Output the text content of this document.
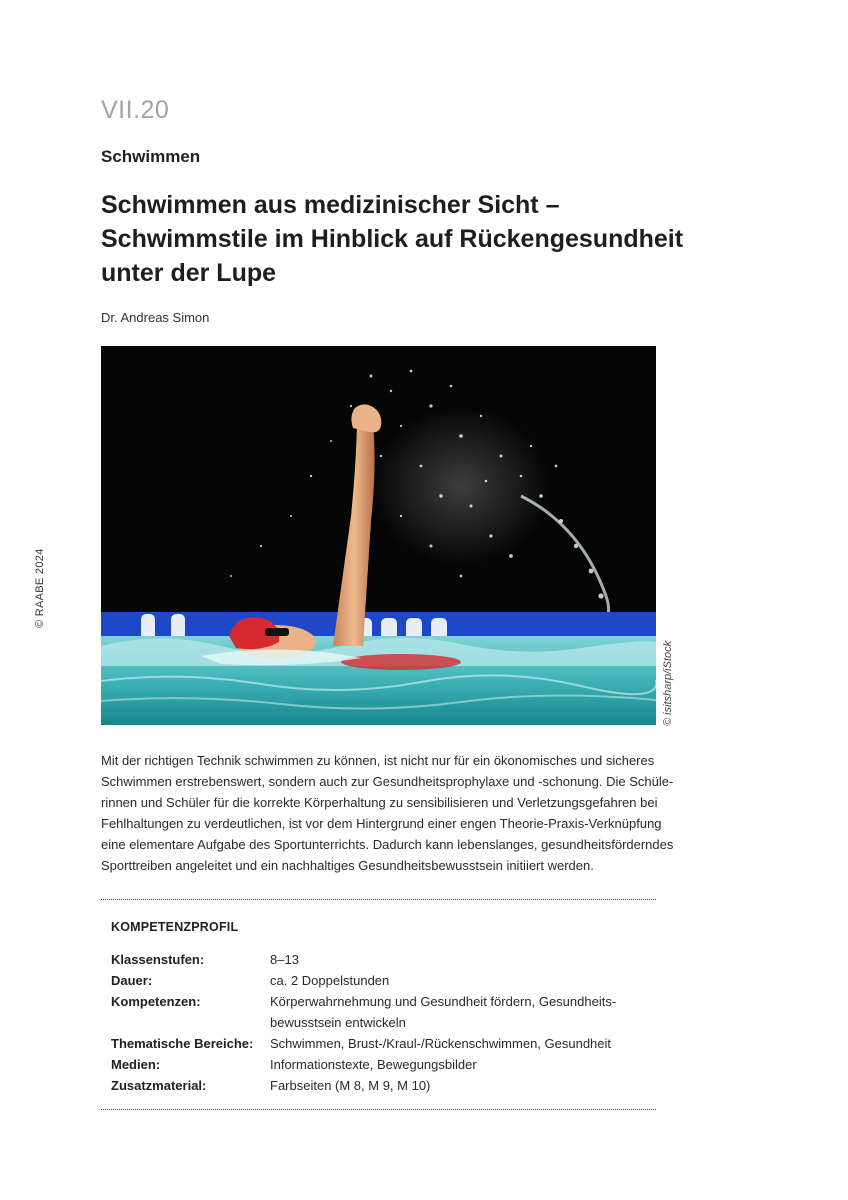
VII.20
Schwimmen
Schwimmen aus medizinischer Sicht –
Schwimmstile im Hinblick auf Rückengesundheit
unter der Lupe
Dr. Andreas Simon
© RAABE 2024
© isitsharp/iStock
Mit der richtigen Technik schwimmen zu können, ist nicht nur für ein ökonomisches und sicheres
Schwimmen erstrebenswert, sondern auch zur Gesundheitsprophylaxe und -schonung. Die Schüle-
rinnen und Schüler für die korrekte Körperhaltung zu sensibilisieren und Verletzungsgefahren bei
Fehlhaltungen zu verdeutlichen, ist vor dem Hintergrund einer engen Theorie-Praxis-Verknüpfung
eine elementare Aufgabe des Sportunterrichts. Dadurch kann lebenslanges, gesundheitsförderndes
Sporttreiben angeleitet und ein nachhaltiges Gesundheitsbewusstsein initiiert werden.
KOMPETENZPROFIL
Klassenstufen:	8–13
Dauer:	ca. 2 Doppelstunden
Kompetenzen:	Körperwahrnehmung und Gesundheit fördern, Gesundheits-
bewusstsein entwickeln
Thematische Bereiche: Schwimmen, Brust-/Kraul-/Rückenschwimmen, Gesundheit
Medien:	Informationstexte, Bewegungsbilder
Zusatzmaterial:	Farbseiten (M 8, M 9, M 10)
